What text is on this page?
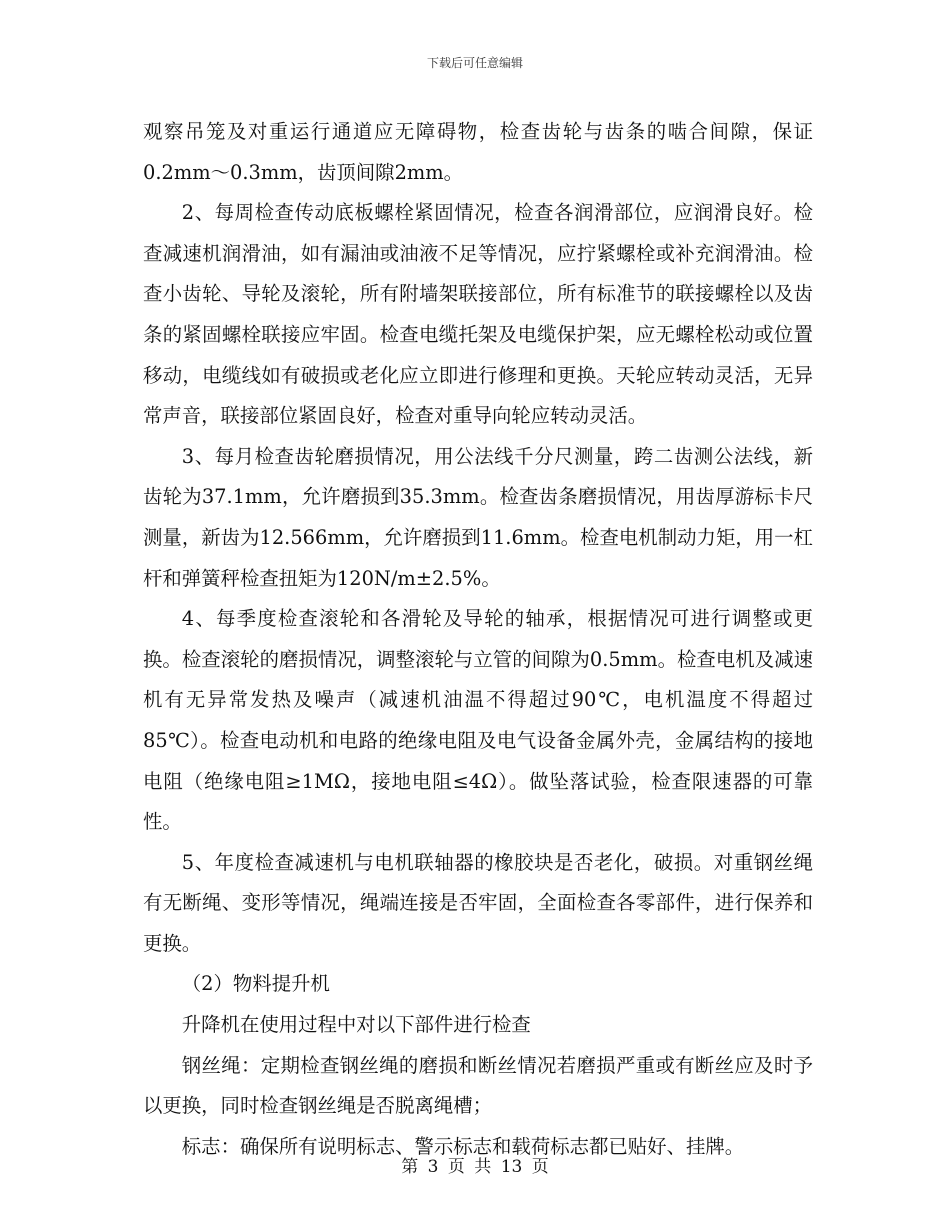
下载后可任意编辑

观察吊笼及对重运行通道应无障碍物，检查齿轮与齿条的啮合间隙，保证0.2mm～0.3mm，齿顶间隙2mm。

2、每周检查传动底板螺栓紧固情况，检查各润滑部位，应润滑良好。检查减速机润滑油，如有漏油或油液不足等情况，应拧紧螺栓或补充润滑油。检查小齿轮、导轮及滚轮，所有附墙架联接部位，所有标准节的联接螺栓以及齿条的紧固螺栓联接应牢固。检查电缆托架及电缆保护架，应无螺栓松动或位置移动，电缆线如有破损或老化应立即进行修理和更换。天轮应转动灵活，无异常声音，联接部位紧固良好，检查对重导向轮应转动灵活。

3、每月检查齿轮磨损情况，用公法线千分尺测量，跨二齿测公法线，新齿轮为37.1mm，允许磨损到35.3mm。检查齿条磨损情况，用齿厚游标卡尺测量，新齿为12.566mm，允许磨损到11.6mm。检查电机制动力矩，用一杠杆和弹簧秤检查扭矩为120N/m±2.5%。

4、每季度检查滚轮和各滑轮及导轮的轴承，根据情况可进行调整或更换。检查滚轮的磨损情况，调整滚轮与立管的间隙为0.5mm。检查电机及减速机有无异常发热及噪声（减速机油温不得超过90℃，电机温度不得超过85℃）。检查电动机和电路的绝缘电阻及电气设备金属外壳，金属结构的接地电阻（绝缘电阻≥1MΩ，接地电阻≤4Ω）。做坠落试验，检查限速器的可靠性。

5、年度检查减速机与电机联轴器的橡胶块是否老化，破损。对重钢丝绳有无断绳、变形等情况，绳端连接是否牢固，全面检查各零部件，进行保养和更换。

（2）物料提升机

升降机在使用过程中对以下部件进行检查

钢丝绳：定期检查钢丝绳的磨损和断丝情况若磨损严重或有断丝应及时予以更换，同时检查钢丝绳是否脱离绳槽；

标志：确保所有说明标志、警示标志和载荷标志都已贴好、挂牌。

第 3 页 共 13 页
